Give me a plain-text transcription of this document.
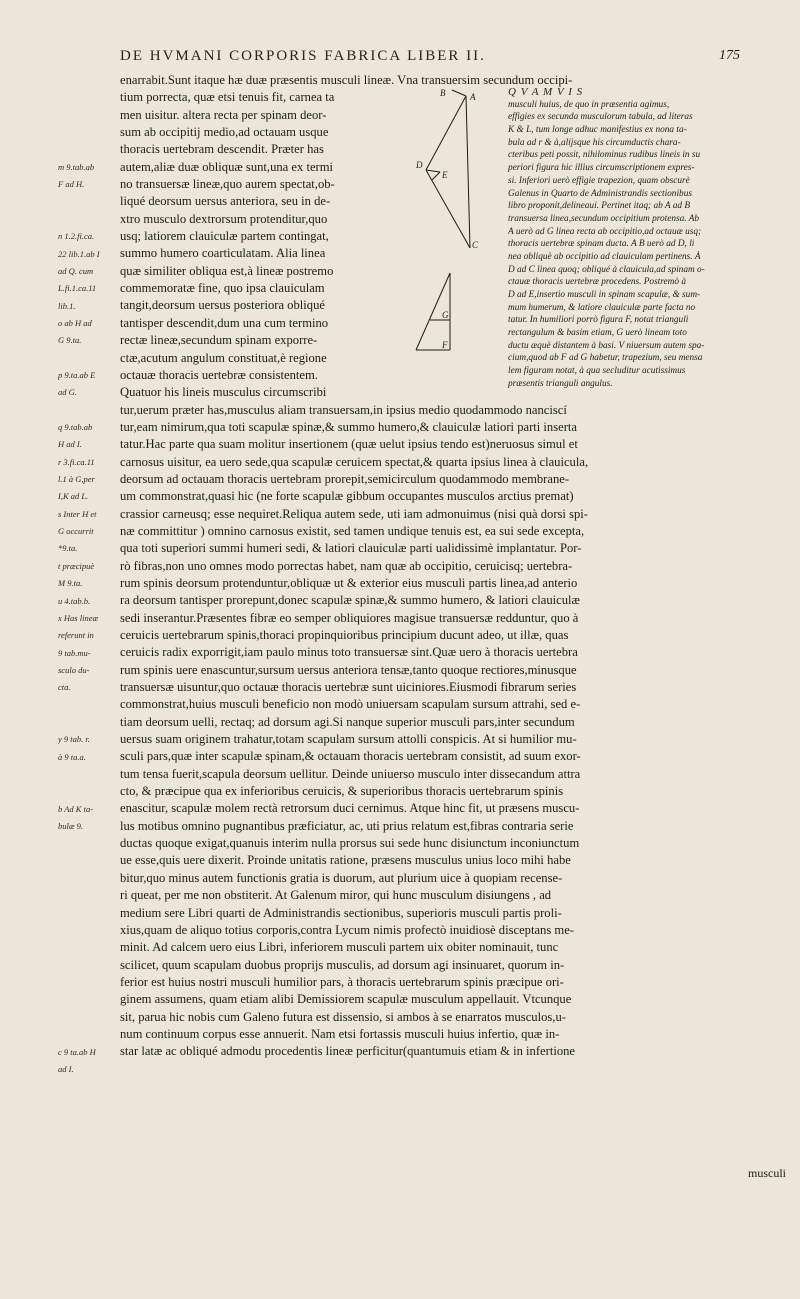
DE HVMANI CORPORIS FABRICA LIBER II.	175
m 9.tab.ab
F ad H.
n 1.2.fi.ca.
22 lib.1.ab I
ad Q. cum
L.fi.1.ca.11
lib.1.
o ab H ad
G 9.ta.
p 9.ta.ab E
ad G.
q 9.tab.ab
H ad I.
r 3.fi.ca.11
l.1 à G,per
I,K ad L.
s Inter H et
G occurrit
*9.ta.
t præcipuè
M 9.ta.
u 4.tab.b.
x Has lineæ
referunt in
9 tab.mu-
sculo du-
cta.
y 9 tab. r.
à 9 ta.a.
b Ad K ta-
bulæ 9.
c 9 ta.ab H
ad I.
enarrabit.Sunt itaque hæ duæ præsentis musculi lineæ. Vna transuersim secundum occipi-
tium porrecta, quæ etsi tenuis fit, carnea ta
men uisitur. altera recta per spinam deor-
sum ab occipitij medio,ad octauam usque
thoracis uertebram descendit. Præter has
autem,aliæ duæ obliquæ sunt,una ex termi
no transuersæ lineæ,quo aurem spectat,ob-
liqué deorsum uersus anteriora, seu in de-
xtro musculo dextrorsum protenditur,quo
usq; latiorem clauiculæ partem contingat,
summo humero coarticulatam. Alia linea
quæ similiter obliqua est,à lineæ postremo
commemoratæ fine, quo ipsa clauiculam
tangit,deorsum uersus posteriora obliqué
tantisper descendit,dum una cum termino
rectæ lineæ,secundum spinam exporre-
ctæ,acutum angulum constituat,è regione
octauæ thoracis uertebræ consistentem.
Quatuor his lineis musculus circumscribi
tur,uerum præter has,musculus aliam transuersam,in ipsius medio quodammodo nanciscí
tur,eam nimirum,qua toti scapulæ spinæ,& summo humero,& clauiculæ latiori parti inserta
tatur.Hac parte qua suam molitur insertionem (quæ uelut ipsius tendo est)neruosus simul et
carnosus uisitur, ea uero sede,qua scapulæ ceruicem spectat,& quarta ipsius linea à clauicula,
deorsum ad octauam thoracis uertebram prorepit,semicirculum quodammodo membrane-
um commonstrat,quasi hic (ne forte scapulæ gibbum occupantes musculos arctius premat)
crassior carneusq; esse nequiret.Reliqua autem sede, uti iam admonuimus (nisi quà dorsi spi-
næ committitur ) omnino carnosus existit, sed tamen undique tenuis est, ea sui sede excepta,
qua toti superiori summi humeri sedi, & latiori clauiculæ parti ualidissimè implantatur. Por-
rò fibras,non uno omnes modo porrectas habet, nam quæ ab occipitio, ceruicisq; uertebra-
rum spinis deorsum protenduntur,obliquæ ut & exterior eius musculi partis linea,ad anterio
ra deorsum tantisper prorepunt,donec scapulæ spinæ,& summo humero, & latiori clauiculæ
sedi inserantur.Præsentes fibræ eo semper obliquiores magisue transuersæ redduntur, quo à
ceruicis uertebrarum spinis,thoraci propinquioribus principium ducunt adeo, ut illæ, quas
ceruicis radix exporrigit,iam paulo minus toto transuersæ sint.Quæ uero à thoracis uertebra
rum spinis uere enascuntur,sursum uersus anteriora tensæ,tanto quoque rectiores,minusque
transuersæ uisuntur,quo octauæ thoracis uertebræ sunt uiciniores.Eiusmodi fibrarum series
commonstrat,huius musculi beneficio non modò uniuersam scapulam sursum attrahi, sed e-
tiam deorsum uelli, rectaq; ad dorsum agi.Si nanque superior musculi pars,inter secundum
uersus suam originem trahatur,totam scapulam sursum attolli conspicis. At si humilior mu-
sculi pars,quæ inter scapulæ spinam,& octauam thoracis uertebram consistit, ad suum exor-
tum tensa fuerit,scapula deorsum uellitur. Deinde uniuerso musculo inter dissecandum attra
cto, & præcipue qua ex inferioribus ceruicis, & superioribus thoracis uertebrarum spinis
enascitur, scapulæ molem rectà retrorsum duci cernimus. Atque hinc fit, ut præsens muscu-
lus motibus omnino pugnantibus præficiatur, ac, uti prius relatum est,fibras contraria serie
ductas quoque exigat,quanuis interim nulla prorsus sui sede hunc disiunctum inconiunctum
ue esse,quis uere dixerit. Proinde unitatis ratione, præsens musculus unius loco mihi habe
bitur,quo minus autem functionis gratia is duorum, aut plurium uice à quopiam recense-
ri queat, per me non obstiterit. At Galenum miror, qui hunc musculum disiungens , ad
medium sere Libri quarti de Administrandis sectionibus, superioris musculi partis proli-
xius,quam de aliquo totius corporis,contra Lycum nimis profectò inuidiosè disceptans me-
minit. Ad calcem uero eius Libri, inferiorem musculi partem uix obiter nominauit, tunc
scilicet, quum scapulam duobus proprijs musculis, ad dorsum agi insinuaret, quorum in-
ferior est huius nostri musculi humilior pars, à thoracis uertebrarum spinis præcipue ori-
ginem assumens, quam etiam alibi Demissiorem scapulæ musculum appellauit. Vtcunque
sit, parua hic nobis cum Galeno futura est dissensio, si ambos à se enarratos musculos,u-
num continuum corpus esse annuerit. Nam etsi fortassis musculi huius infertio, quæ in-
star latæ ac obliqué admodu procedentis lineæ perficitur(quantumuis etiam & in infertione
B	A
D
E
C
G
F
Q V A M V I S
musculi huius, de quo in præsentia agimus,
effigies ex secunda musculorum tabula, ad literas
K & L, tum longe adhuc manifestius ex nona ta-
bula ad r & à,alijsque his circumductis chara-
cteribus peti possit, nihilominus rudibus lineis in su
periori figura hic illius circumscriptionem expres-
si. Inferiori uerò effigie trapezion, quam obscurè
Galenus in Quarto de Administrandis sectionibus
libro proponit,delineaui. Pertinet itaq; ab A ad B
transuersa linea,secundum occipitium protensa. Ab
A uerò ad G linea recta ab occipitio,ad octauæ usq;
thoracis uertebræ spinam ducta. A B uerò ad D, li
nea obliquè ab occipitio ad clauiculam pertinens. À
D ad C linea quoq; obliqué à clauicula,ad spinam o-
ctauæ thoracis uertebræ procedens. Postremò à
D ad E,insertio musculi in spinam scapulæ, & sum-
mum humerum, & latiore clauiculæ parte facta no
tatur. In humiliori porrò figura F, notat trianguli
rectangulum & basim etiam, G uerò lineam toto
ductu æquè distantem à basi. V niuersum autem spa-
cium,quod ab F ad G habetur, trapezium, seu mensa
lem figuram notat, à qua secluditur acutissimus
præsentis trianguli angulus.
musculi
